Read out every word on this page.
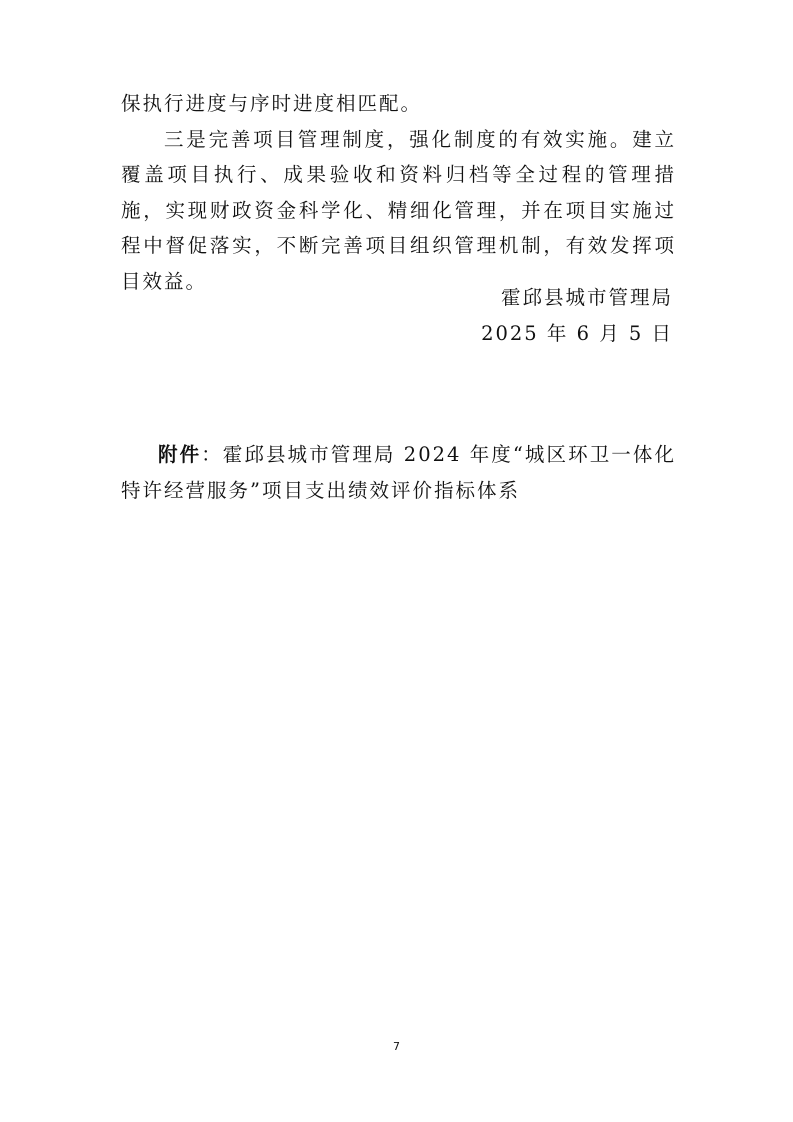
保执行进度与序时进度相匹配。

三是完善项目管理制度，强化制度的有效实施。建立覆盖项目执行、成果验收和资料归档等全过程的管理措施，实现财政资金科学化、精细化管理，并在项目实施过程中督促落实，不断完善项目组织管理机制，有效发挥项目效益。

霍邱县城市管理局
2025 年 6 月 5 日
附件：霍邱县城市管理局 2024 年度“城区环卫一体化特许经营服务”项目支出绩效评价指标体系
7
